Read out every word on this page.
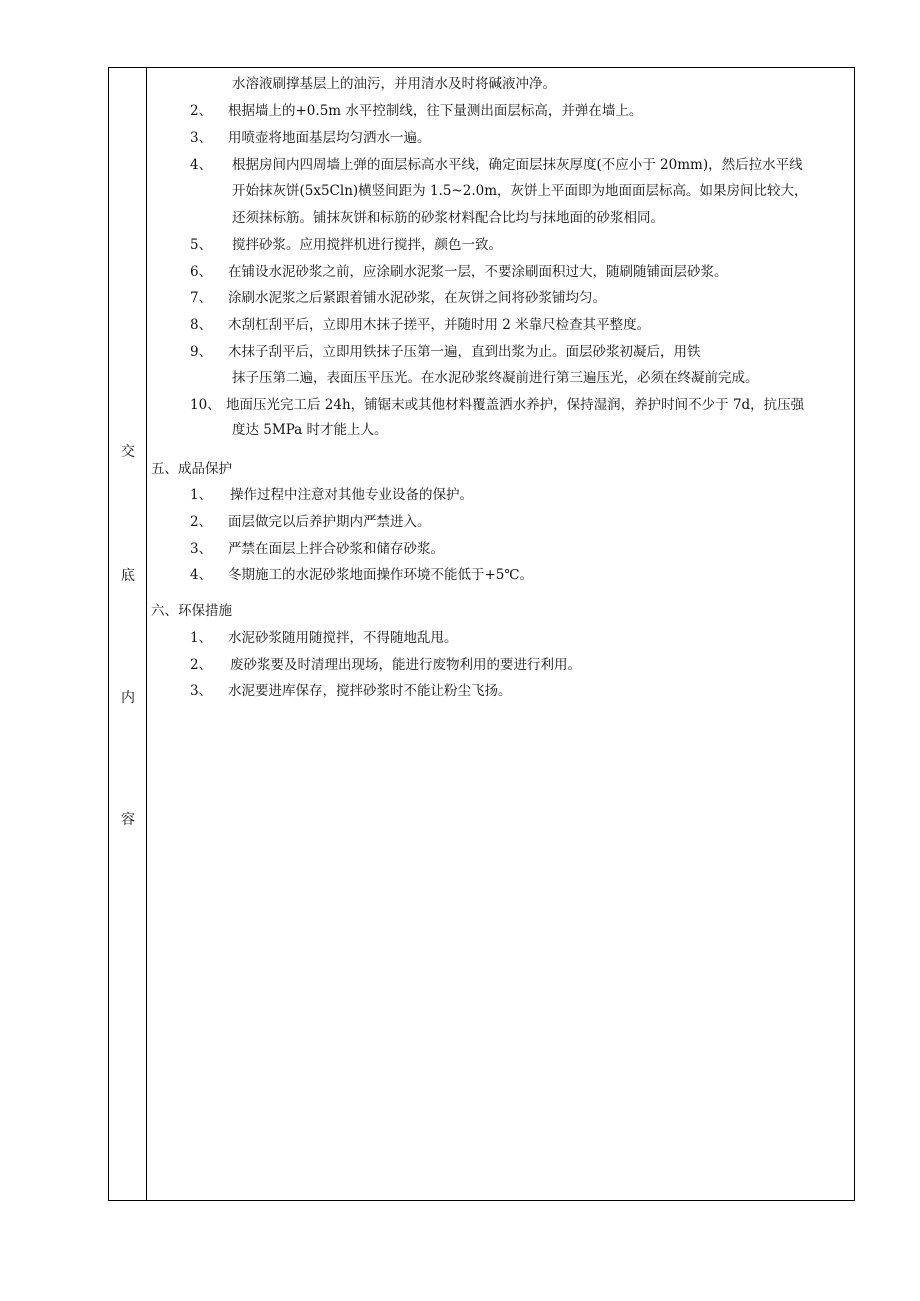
交
底
内
容
水溶液刷撑基层上的油污，并用清水及时将碱液冲净。
2、 根据墙上的+0.5m 水平控制线，往下量测出面层标高，并弹在墙上。
3、 用喷壶将地面基层均匀洒水一遍。
4、 根据房间内四周墙上弹的面层标高水平线，确定面层抹灰厚度(不应小于 20mm)，然后拉水平线
开始抹灰饼(5x5Cln)横竖间距为 1.5~2.0m，灰饼上平面即为地面面层标高。如果房间比较大，
还须抹标筋。铺抹灰饼和标筋的砂浆材料配合比均与抹地面的砂浆相同。
5、 搅拌砂浆。应用搅拌机进行搅拌，颜色一致。
6、 在铺设水泥砂浆之前，应涂刷水泥浆一层，不要涂刷面积过大，随刷随铺面层砂浆。
7、 涂刷水泥浆之后紧跟着铺水泥砂浆，在灰饼之间将砂浆铺均匀。
8、 木刮杠刮平后，立即用木抹子搓平，并随时用 2 米靠尺检查其平整度。
9、 木抹子刮平后，立即用铁抹子压第一遍，直到出浆为止。面层砂浆初凝后，用铁
抹子压第二遍，表面压平压光。在水泥砂浆终凝前进行第三遍压光，必须在终凝前完成。
10、 地面压光完工后 24h，铺锯末或其他材料覆盖洒水养护，保持湿润，养护时间不少于 7d，抗压强
度达 5MPa 时才能上人。
五、成品保护
1、 操作过程中注意对其他专业设备的保护。
2、 面层做完以后养护期内严禁进入。
3、 严禁在面层上拌合砂浆和储存砂浆。
4、 冬期施工的水泥砂浆地面操作环境不能低于+5℃。
六、环保措施
1、 水泥砂浆随用随搅拌，不得随地乱甩。
2、 废砂浆要及时清理出现场，能进行废物利用的要进行利用。
3、 水泥要进库保存，搅拌砂浆时不能让粉尘飞扬。
